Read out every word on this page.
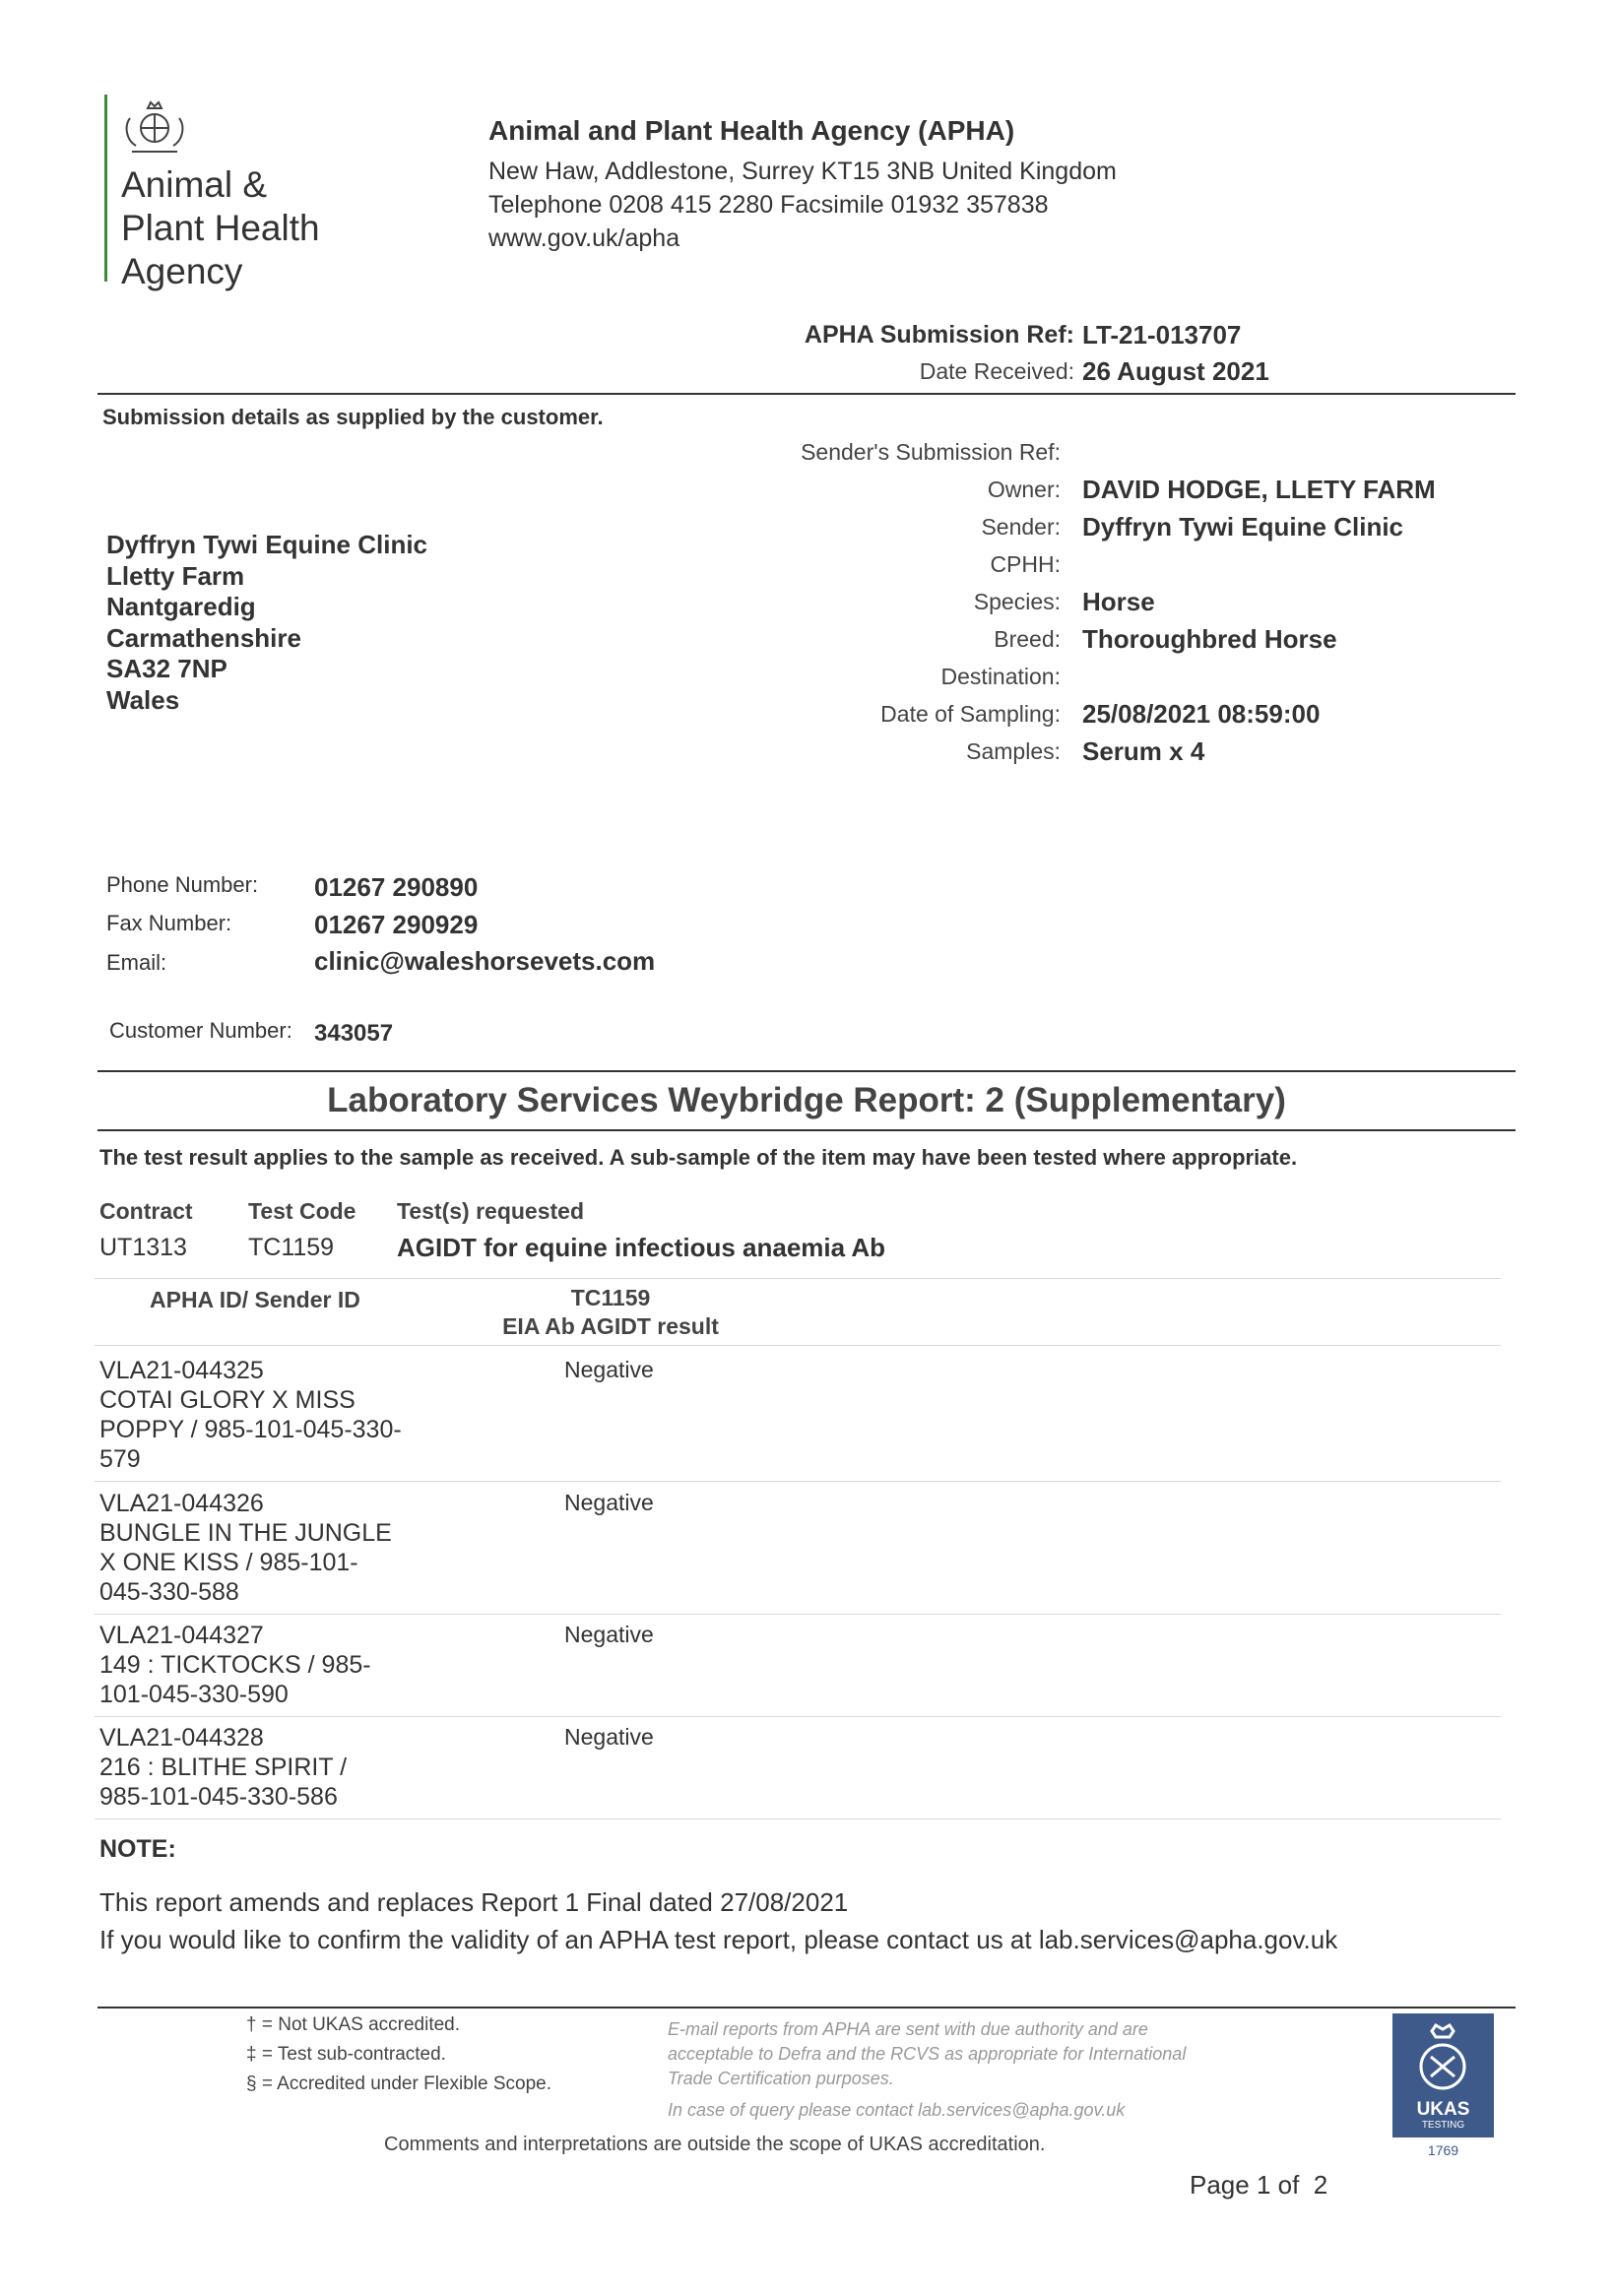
Animal &
Plant Health
Agency
Animal and Plant Health Agency (APHA)
New Haw, Addlestone, Surrey KT15 3NB United Kingdom
Telephone 0208 415 2280 Facsimile 01932 357838
www.gov.uk/apha
APHA Submission Ref: LT-21-013707
Date Received: 26 August 2021
Submission details as supplied by the customer.
Dyffryn Tywi Equine Clinic
Lletty Farm
Nantgaredig
Carmathenshire
SA32 7NP
Wales
Sender's Submission Ref:
Owner: DAVID HODGE, LLETY FARM
Sender: Dyffryn Tywi Equine Clinic
CPHH:
Species: Horse
Breed: Thoroughbred Horse
Destination:
Date of Sampling: 25/08/2021 08:59:00
Samples: Serum x 4
Phone Number: 01267 290890
Fax Number:	01267 290929
Email:	clinic@waleshorsevets.com
Customer Number: 343057
Laboratory Services Weybridge Report: 2 (Supplementary)
The test result applies to the sample as received. A sub-sample of the item may have been tested where appropriate.
Contract Test Code Test(s) requested
UT1313 TC1159 AGIDT for equine infectious anaemia Ab
APHA ID/ Sender ID	TC1159
EIA Ab AGIDT result
VLA21-044325
COTAI GLORY X MISS
POPPY / 985-101-045-330-
579
Negative
VLA21-044326
BUNGLE IN THE JUNGLE
X ONE KISS / 985-101-
045-330-588
Negative
VLA21-044327
149 : TICKTOCKS / 985-
101-045-330-590
Negative
VLA21-044328
216 : BLITHE SPIRIT /
985-101-045-330-586
Negative
NOTE:
This report amends and replaces Report 1 Final dated 27/08/2021
If you would like to confirm the validity of an APHA test report, please contact us at lab.services@apha.gov.uk
† = Not UKAS accredited.
‡ = Test sub-contracted.
§ = Accredited under Flexible Scope.
E-mail reports from APHA are sent with due authority and are
acceptable to Defra and the RCVS as appropriate for International
Trade Certification purposes.
In case of query please contact lab.services@apha.gov.uk
Comments and interpretations are outside the scope of UKAS accreditation.
UKAS
TESTING
1769
Page 1 of  2
